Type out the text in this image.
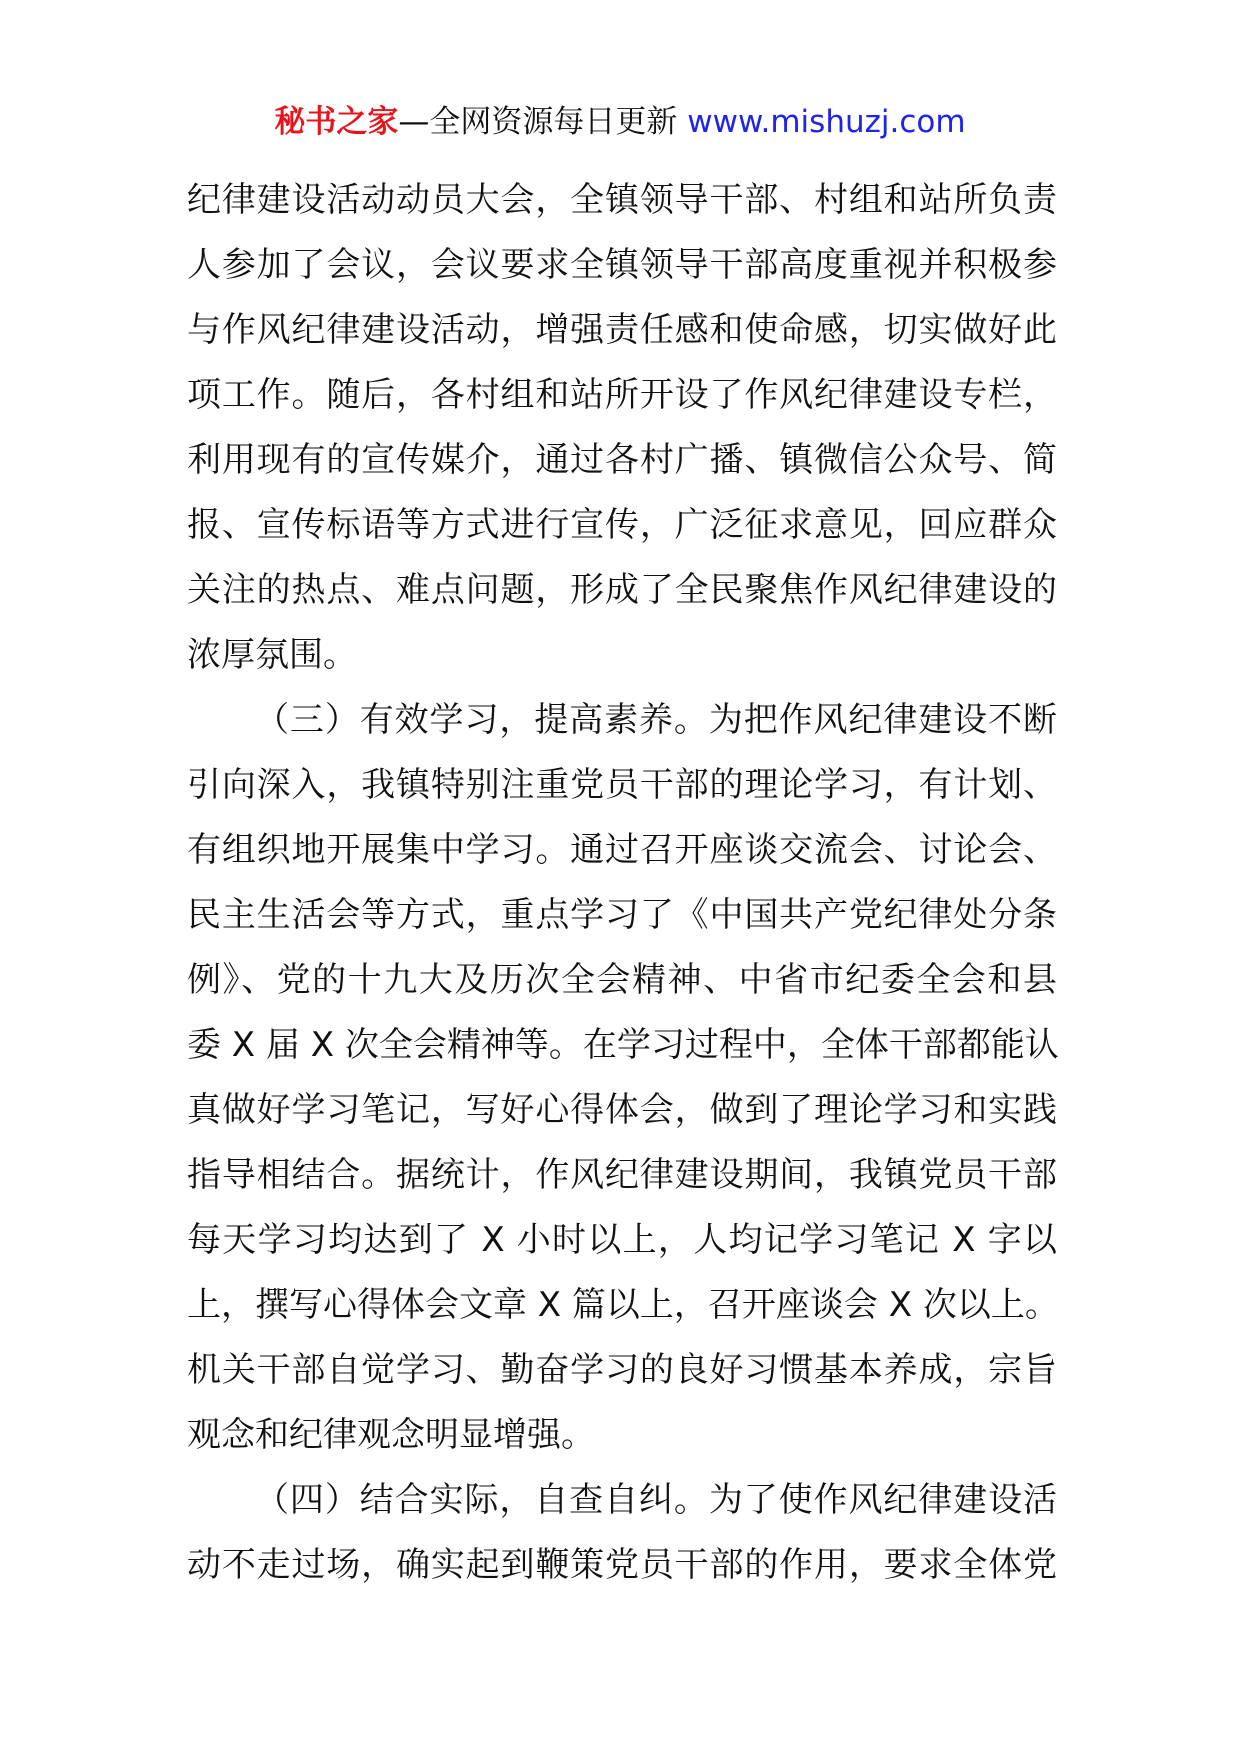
秘书之家—全网资源每日更新 www.mishuzj.com
纪律建设活动动员大会，全镇领导干部、村组和站所负责
人参加了会议，会议要求全镇领导干部高度重视并积极参
与作风纪律建设活动，增强责任感和使命感，切实做好此
项工作。随后，各村组和站所开设了作风纪律建设专栏，
利用现有的宣传媒介，通过各村广播、镇微信公众号、简
报、宣传标语等方式进行宣传，广泛征求意见，回应群众
关注的热点、难点问题，形成了全民聚焦作风纪律建设的
浓厚氛围。
（三）有效学习，提高素养。为把作风纪律建设不断
引向深入，我镇特别注重党员干部的理论学习，有计划、
有组织地开展集中学习。通过召开座谈交流会、讨论会、
民主生活会等方式，重点学习了《中国共产党纪律处分条
例》、党的十九大及历次全会精神、中省市纪委全会和县
委 X 届 X 次全会精神等。在学习过程中，全体干部都能认
真做好学习笔记，写好心得体会，做到了理论学习和实践
指导相结合。据统计，作风纪律建设期间，我镇党员干部
每天学习均达到了 X 小时以上，人均记学习笔记 X 字以
上，撰写心得体会文章 X 篇以上，召开座谈会 X 次以上。
机关干部自觉学习、勤奋学习的良好习惯基本养成，宗旨
观念和纪律观念明显增强。
（四）结合实际，自查自纠。为了使作风纪律建设活
动不走过场，确实起到鞭策党员干部的作用，要求全体党
